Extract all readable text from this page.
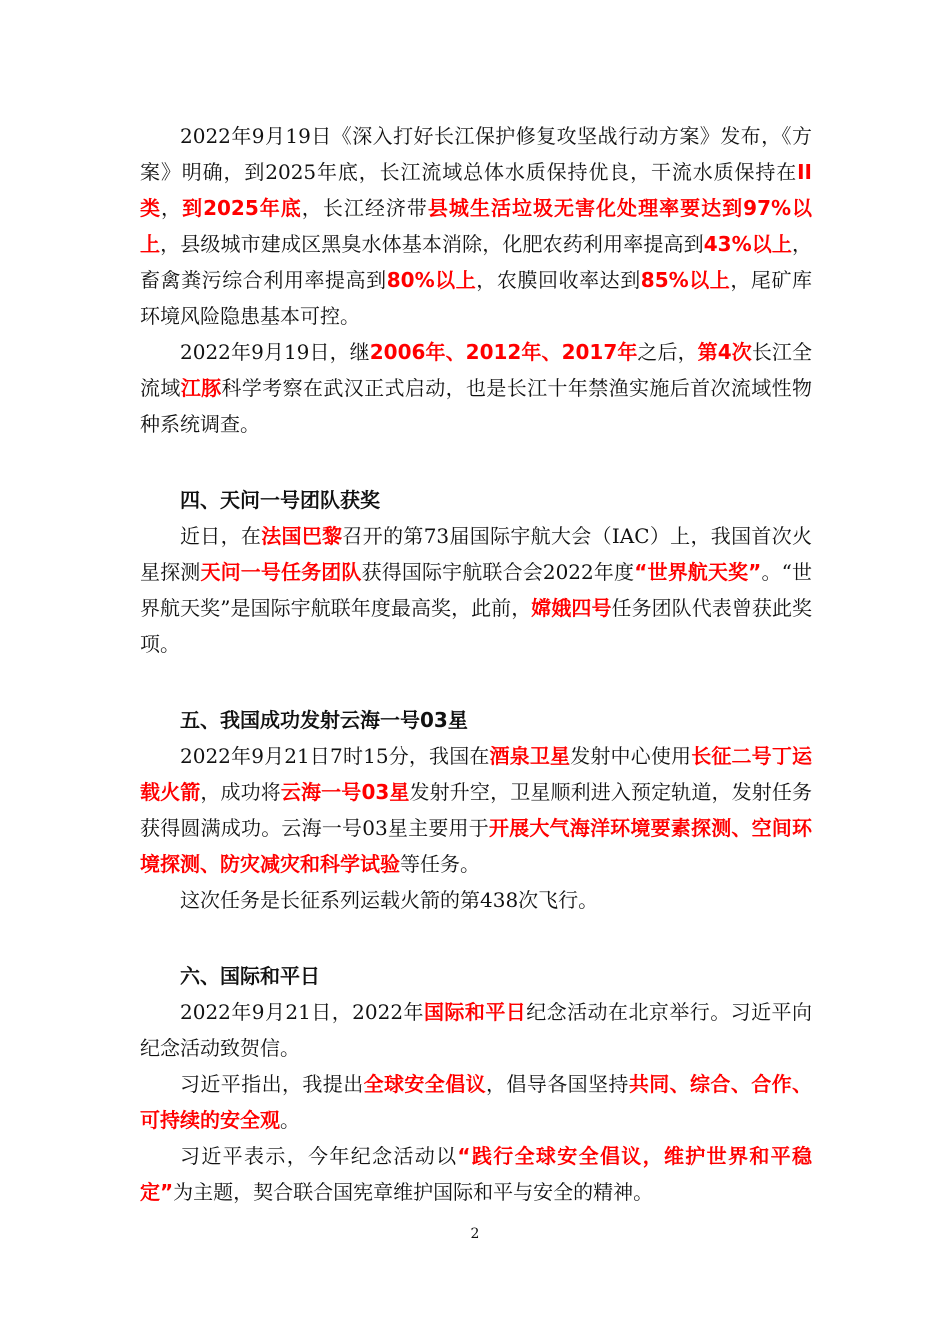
2022年9月19日《深入打好长江保护修复攻坚战行动方案》发布，《方案》明确，到2025年底，长江流域总体水质保持优良，干流水质保持在II类，到2025年底，长江经济带县城生活垃圾无害化处理率要达到97%以上，县级城市建成区黑臭水体基本消除，化肥农药利用率提高到43%以上，畜禽粪污综合利用率提高到80%以上，农膜回收率达到85%以上，尾矿库环境风险隐患基本可控。

2022年9月19日，继2006年、2012年、2017年之后，第4次长江全流域江豚科学考察在武汉正式启动，也是长江十年禁渔实施后首次流域性物种系统调查。

四、天问一号团队获奖

近日，在法国巴黎召开的第73届国际宇航大会（IAC）上，我国首次火星探测天问一号任务团队获得国际宇航联合会2022年度“世界航天奖”。“世界航天奖”是国际宇航联年度最高奖，此前，嫦娥四号任务团队代表曾获此奖项。

五、我国成功发射云海一号03星

2022年9月21日7时15分，我国在酒泉卫星发射中心使用长征二号丁运载火箭，成功将云海一号03星发射升空，卫星顺利进入预定轨道，发射任务获得圆满成功。云海一号03星主要用于开展大气海洋环境要素探测、空间环境探测、防灾减灾和科学试验等任务。

这次任务是长征系列运载火箭的第438次飞行。

六、国际和平日

2022年9月21日，2022年国际和平日纪念活动在北京举行。习近平向纪念活动致贺信。

习近平指出，我提出全球安全倡议，倡导各国坚持共同、综合、合作、可持续的安全观。

习近平表示，今年纪念活动以“践行全球安全倡议，维护世界和平稳定”为主题，契合联合国宪章维护国际和平与安全的精神。

2
